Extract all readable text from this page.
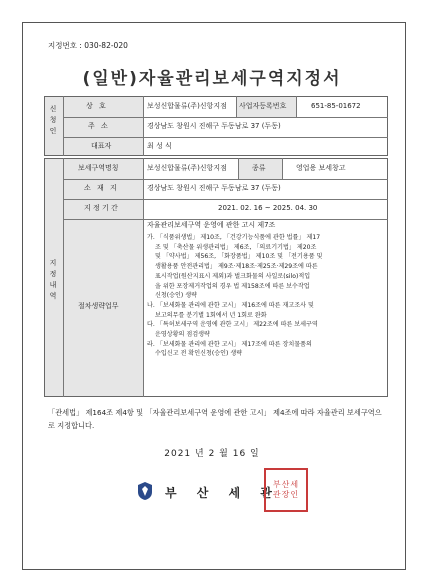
지정번호 : 030-82-020
(일반)자율관리보세구역지정서
신청인
상 호	보성신합물류(주)신항지점 사업자등록번호	651-85-01672
주 소	경상남도 창원시 진해구 두동남로 37 (두동)
대표자	최 성 식
지정내역
보세구역명칭	보성신합물류(주)신항지점	종류	영업용 보세창고
소 재 지	경상남도 창원시 진해구 두동남로 37 (두동)
지 정 기 간	2021. 02. 16 ~ 2025. 04. 30
절차생략업무

자율관리보세구역 운영에 관한 고시 제7조

가. 「식품위생법」 제10조, 「건강기능식품에 관한 법률」 제17

조 및 「축산물 위생관리법」 제6조, 「의료기기법」 제20조

및 「약사법」 제56조, 「화장품법」 제10조 및 「전기용품 및

생활용품 안전관리법」 제9조·제18조·제25조·제29조에 따른

표시작업(원산지표시 제외)과 벌크화물의 사일로(silo)적입

을 위한 포장제거작업의 경우 법 제158조에 따른 보수작업

신청(승인) 생략

나. 「보세화물 관리에 관한 고시」 제16조에 따른 재고조사 및

보고의무를 분기별 1회에서 년 1회로 완화

다. 「특허보세구역 운영에 관한 고시」 제22조에 따른 보세구역

운영상황의 점검생략

라. 「보세화물 관리에 관한 고시」 제17조에 따른 장치물품의

수입신고 전 확인신청(승인) 생략

「관세법」 제164조 제4항 및 「자율관리보세구역 운영에 관한 고시」 제4조에 따라 자율관리 보세구역으로 지정합니다.
2021 년 2 월 16 일
부 산 세 관
부산세관장인
